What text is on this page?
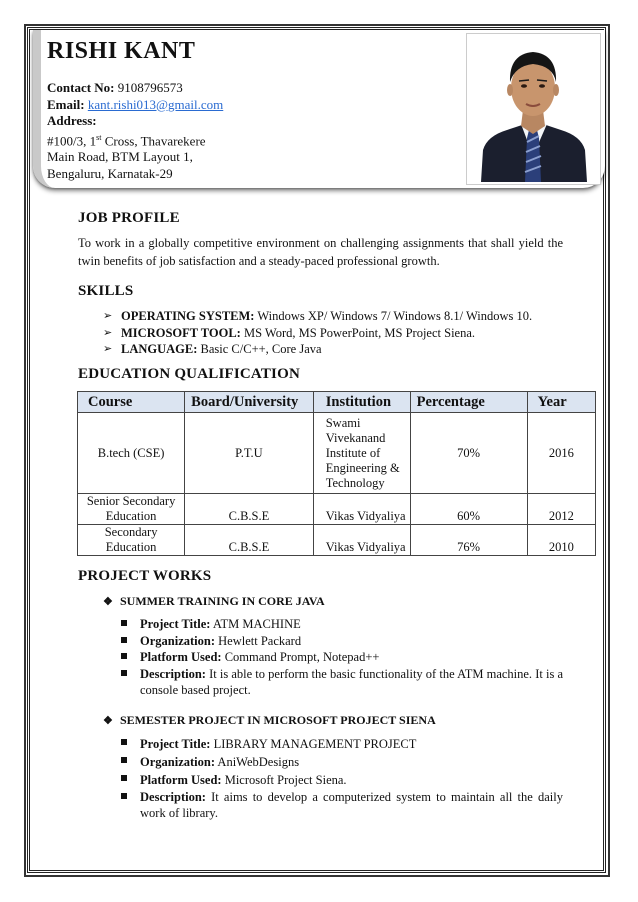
RISHI KANT
Contact No: 9108796573
Email: kant.rishi013@gmail.com
Address:
#100/3, 1st Cross, Thavarekere
Main Road, BTM Layout 1,
Bengaluru, Karnatak-29
JOB PROFILE
To work in a globally competitive environment on challenging assignments that shall yield the twin benefits of job satisfaction and a steady-paced professional growth.
SKILLS
➢ OPERATING SYSTEM: Windows XP/ Windows 7/ Windows 8.1/ Windows 10.
➢ MICROSOFT TOOL: MS Word, MS PowerPoint, MS Project Siena.
➢ LANGUAGE: Basic C/C++, Core Java
EDUCATION QUALIFICATION
Course	Board/University	Institution	Percentage	Year
B.tech (CSE)	P.T.U	Swami Vivekanand Institute of Engineering & Technology	70%	2016
Senior Secondary Education	C.B.S.E	Vikas Vidyaliya	60%	2012
Secondary Education	C.B.S.E	Vikas Vidyaliya	76%	2010
PROJECT WORKS
❖ SUMMER TRAINING IN CORE JAVA
Project Title: ATM MACHINE
Organization: Hewlett Packard
Platform Used: Command Prompt, Notepad++
Description: It is able to perform the basic functionality of the ATM machine. It is a console based project.
❖ SEMESTER PROJECT IN MICROSOFT PROJECT SIENA
Project Title: LIBRARY MANAGEMENT PROJECT
Organization: AniWebDesigns
Platform Used: Microsoft Project Siena.
Description: It aims to develop a computerized system to maintain all the daily work of library.
